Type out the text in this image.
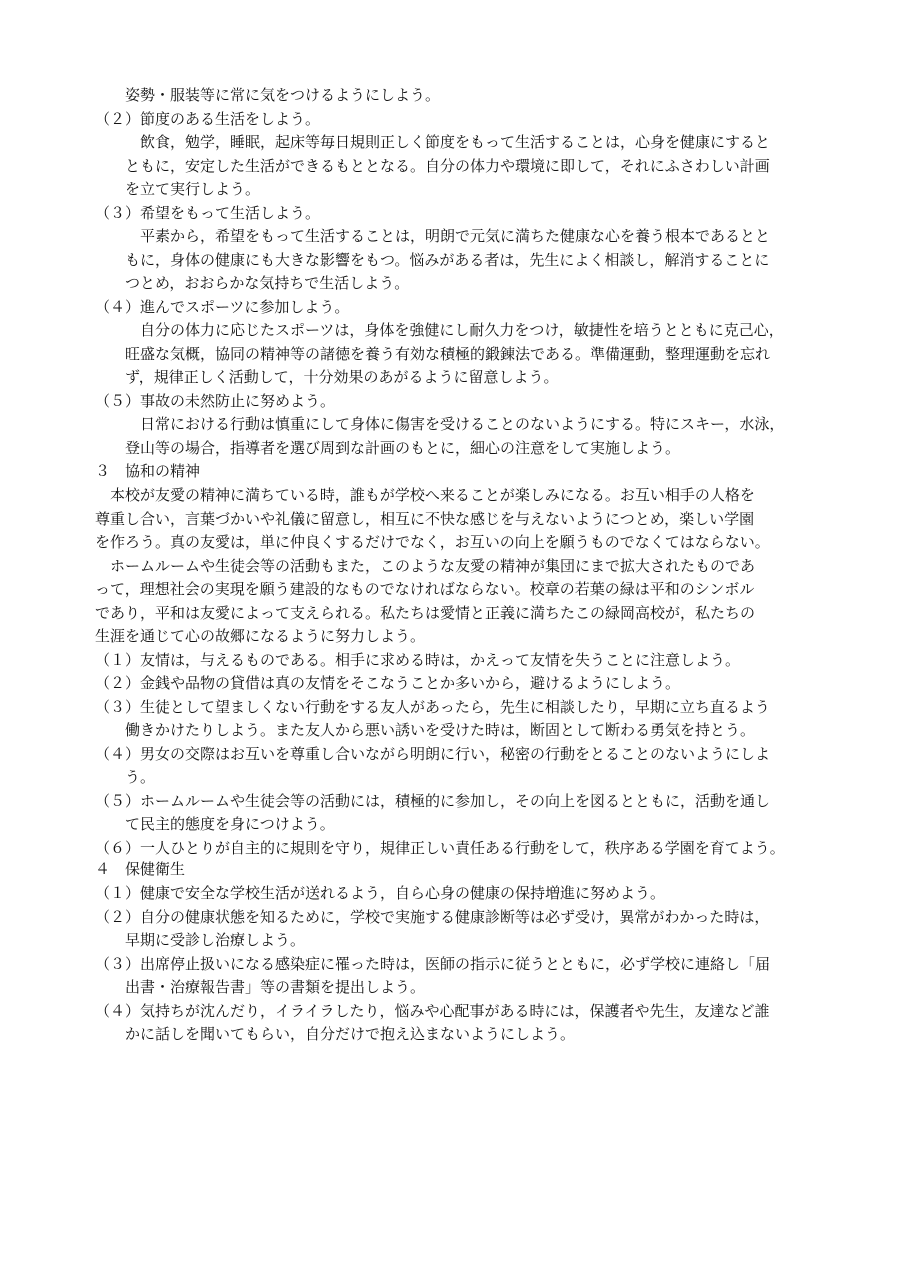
　　姿勢・服装等に常に気をつけるようにしよう。
（２）節度のある生活をしよう。
　　　飲食，勉学，睡眠，起床等毎日規則正しく節度をもって生活することは，心身を健康にすると
　　ともに，安定した生活ができるもととなる。自分の体力や環境に即して，それにふさわしい計画
　　を立て実行しよう。
（３）希望をもって生活しよう。
　　　平素から，希望をもって生活することは，明朗で元気に満ちた健康な心を養う根本であるとと
　　もに，身体の健康にも大きな影響をもつ。悩みがある者は，先生によく相談し，解消することに
　　つとめ，おおらかな気持ちで生活しよう。
（４）進んでスポーツに参加しよう。
　　　自分の体力に応じたスポーツは，身体を強健にし耐久力をつけ，敏捷性を培うとともに克己心，
　　旺盛な気概，協同の精神等の諸徳を養う有効な積極的鍛錬法である。準備運動，整理運動を忘れ
　　ず，規律正しく活動して，十分効果のあがるように留意しよう。
（５）事故の未然防止に努めよう。
　　　日常における行動は慎重にして身体に傷害を受けることのないようにする。特にスキー，水泳，
　　登山等の場合，指導者を選び周到な計画のもとに，細心の注意をして実施しよう。
３　協和の精神
　本校が友愛の精神に満ちている時，誰もが学校へ来ることが楽しみになる。お互い相手の人格を
尊重し合い，言葉づかいや礼儀に留意し，相互に不快な感じを与えないようにつとめ，楽しい学園
を作ろう。真の友愛は，単に仲良くするだけでなく，お互いの向上を願うものでなくてはならない。
　ホームルームや生徒会等の活動もまた，このような友愛の精神が集団にまで拡大されたものであ
って，理想社会の実現を願う建設的なものでなければならない。校章の若葉の緑は平和のシンボル
であり，平和は友愛によって支えられる。私たちは愛情と正義に満ちたこの緑岡高校が，私たちの
生涯を通じて心の故郷になるように努力しよう。
（１）友情は，与えるものである。相手に求める時は，かえって友情を失うことに注意しよう。
（２）金銭や品物の貸借は真の友情をそこなうことか多いから，避けるようにしよう。
（３）生徒として望ましくない行動をする友人があったら，先生に相談したり，早期に立ち直るよう
　　働きかけたりしよう。また友人から悪い誘いを受けた時は，断固として断わる勇気を持とう。
（４）男女の交際はお互いを尊重し合いながら明朗に行い，秘密の行動をとることのないようにしよ
　　う。
（５）ホームルームや生徒会等の活動には，積極的に参加し，その向上を図るとともに，活動を通し
　　て民主的態度を身につけよう。
（６）一人ひとりが自主的に規則を守り，規律正しい責任ある行動をして，秩序ある学園を育てよう。
４　保健衛生
（１）健康で安全な学校生活が送れるよう，自ら心身の健康の保持増進に努めよう。
（２）自分の健康状態を知るために，学校で実施する健康診断等は必ず受け，異常がわかった時は，
　　早期に受診し治療しよう。
（３）出席停止扱いになる感染症に罹った時は，医師の指示に従うとともに，必ず学校に連絡し「届
　　出書・治療報告書」等の書類を提出しよう。
（４）気持ちが沈んだり，イライラしたり，悩みや心配事がある時には，保護者や先生，友達など誰
　　かに話しを聞いてもらい，自分だけで抱え込まないようにしよう。
